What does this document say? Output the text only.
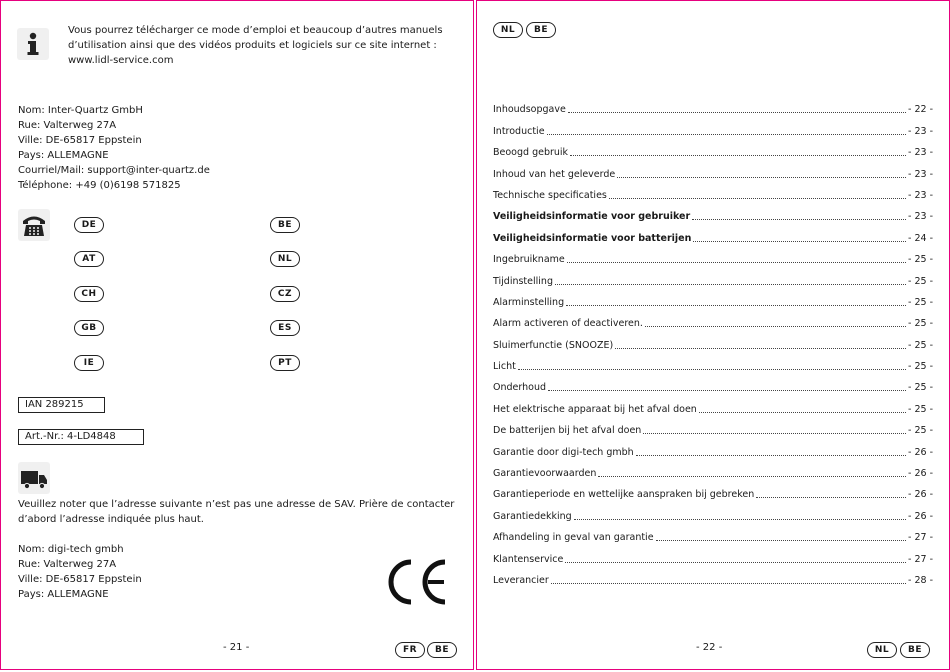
Vous pourrez télécharger ce mode d’emploi et beaucoup d’autres manuels
d’utilisation ainsi que des vidéos produits et logiciels sur ce site internet :
www.lidl-service.com
Nom: Inter-Quartz GmbH
Rue: Valterweg 27A
Ville: DE-65817 Eppstein
Pays: ALLEMAGNE
Courriel/Mail: support@inter-quartz.de
Téléphone: +49 (0)6198 571825
DE
AT
CH
GB
IE
BE
NL
CZ
ES
PT
IAN 289215
Art.-Nr.: 4-LD4848
Veuillez noter que l’adresse suivante n’est pas une adresse de SAV. Prière de contacter
d’abord l’adresse indiquée plus haut.
Nom: digi-tech gmbh
Rue: Valterweg 27A
Ville: DE-65817 Eppstein
Pays: ALLEMAGNE
- 21 -	FR	BE
NL	BE
Inhoudsopgave	- 22 -
Introductie	- 23 -
Beoogd gebruik	- 23 -
Inhoud van het geleverde	- 23 -
Technische specificaties	- 23 -
Veiligheidsinformatie voor gebruiker	- 23 -
Veiligheidsinformatie voor batterijen	- 24 -
Ingebruikname	- 25 -
Tijdinstelling	- 25 -
Alarminstelling	- 25 -
Alarm activeren of deactiveren.	- 25 -
Sluimerfunctie (SNOOZE)	- 25 -
Licht	- 25 -
Onderhoud	- 25 -
Het elektrische apparaat bij het afval doen	- 25 -
De batterijen bij het afval doen	- 25 -
Garantie door digi-tech gmbh	- 26 -
Garantievoorwaarden	- 26 -
Garantieperiode en wettelijke aanspraken bij gebreken	- 26 -
Garantiedekking	- 26 -
Afhandeling in geval van garantie	- 27 -
Klantenservice	- 27 -
Leverancier	- 28 -
- 22 -	NL	BE
